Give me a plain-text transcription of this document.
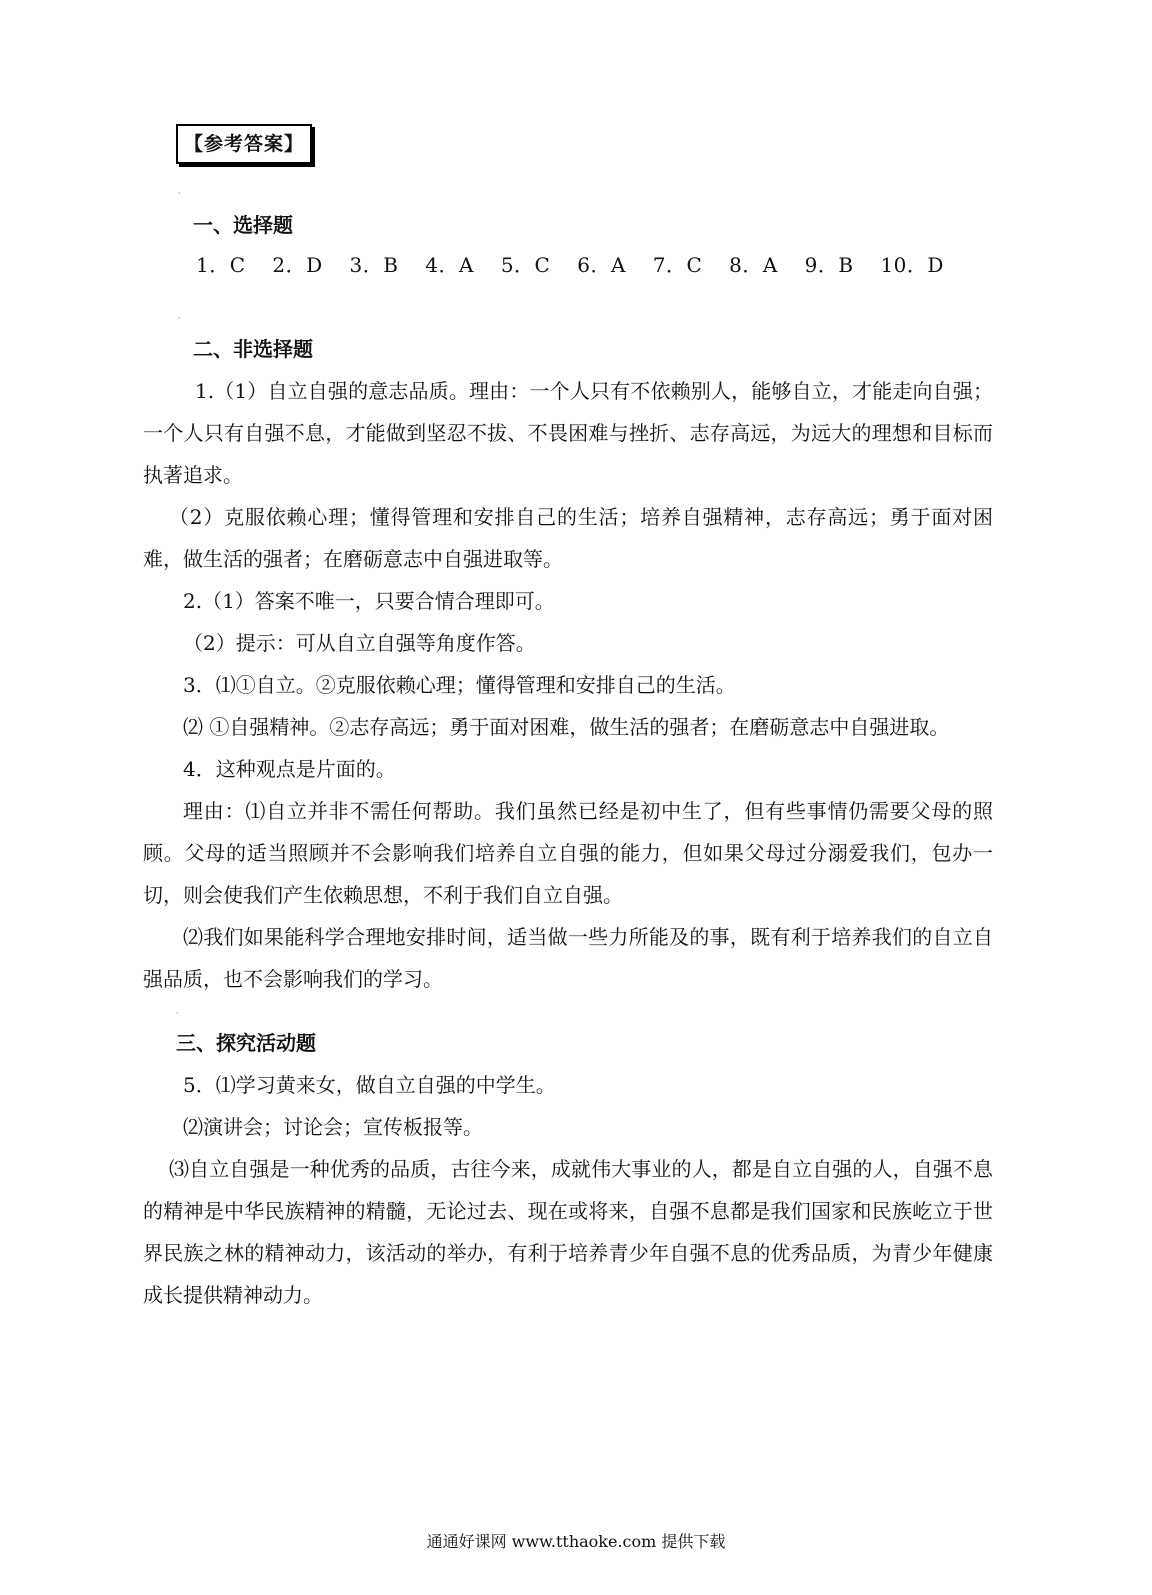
【参考答案】
·
一、选择题
1．C 2．D 3．B 4．A 5．C 6．A 7．C 8．A 9．B 10．D
·
二、非选择题
1.（1）自立自强的意志品质。理由：一个人只有不依赖别人，能够自立，才能走向自强；一个人只有自强不息，才能做到坚忍不拔、不畏困难与挫折、志存高远，为远大的理想和目标而执著追求。
（2）克服依赖心理；懂得管理和安排自己的生活；培养自强精神，志存高远；勇于面对困难，做生活的强者；在磨砺意志中自强进取等。
2.（1）答案不唯一，只要合情合理即可。
（2）提示：可从自立自强等角度作答。
3．⑴①自立。②克服依赖心理；懂得管理和安排自己的生活。
⑵ ①自强精神。②志存高远；勇于面对困难，做生活的强者；在磨砺意志中自强进取。
4．这种观点是片面的。
理由：⑴自立并非不需任何帮助。我们虽然已经是初中生了，但有些事情仍需要父母的照顾。父母的适当照顾并不会影响我们培养自立自强的能力，但如果父母过分溺爱我们，包办一切，则会使我们产生依赖思想，不利于我们自立自强。
⑵我们如果能科学合理地安排时间，适当做一些力所能及的事，既有利于培养我们的自立自强品质，也不会影响我们的学习。
·
三、探究活动题
5．⑴学习黄来女，做自立自强的中学生。
⑵演讲会；讨论会；宣传板报等。
⑶自立自强是一种优秀的品质，古往今来，成就伟大事业的人，都是自立自强的人，自强不息的精神是中华民族精神的精髓，无论过去、现在或将来，自强不息都是我们国家和民族屹立于世界民族之林的精神动力，该活动的举办，有利于培养青少年自强不息的优秀品质，为青少年健康成长提供精神动力。
通通好课网 www.tthaoke.com 提供下载
